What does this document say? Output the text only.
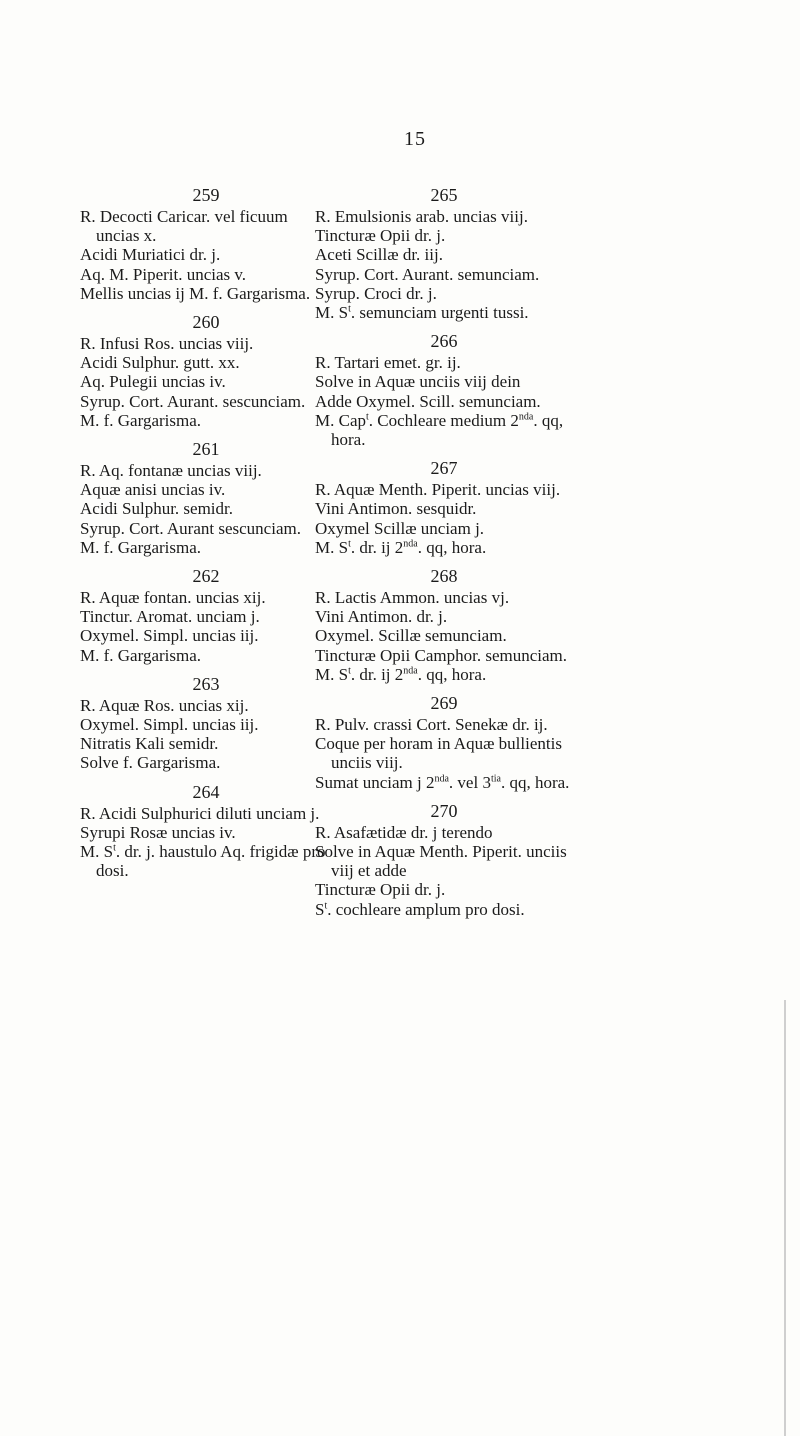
15
259
R. Decocti Caricar. vel ficuum uncias x.
Acidi Muriatici dr. j.
Aq. M. Piperit. uncias v.
Mellis uncias ij M. f. Gargarisma.
260
R. Infusi Ros. uncias viij.
Acidi Sulphur. gutt. xx.
Aq. Pulegii uncias iv.
Syrup. Cort. Aurant. sescunciam.
M. f. Gargarisma.
261
R. Aq. fontanæ uncias viij.
Aquæ anisi uncias iv.
Acidi Sulphur. semidr.
Syrup. Cort. Aurant sescunciam.
M. f. Gargarisma.
262
R. Aquæ fontan. uncias xij.
Tinctur. Aromat. unciam j.
Oxymel. Simpl. uncias iij.
M. f. Gargarisma.
263
R. Aquæ Ros. uncias xij.
Oxymel. Simpl. uncias iij.
Nitratis Kali semidr.
Solve f. Gargarisma.
264
R. Acidi Sulphurici diluti unciam j.
Syrupi Rosæ uncias iv.
M. $S^t$. dr. j. haustulo Aq. frigidæ pro dosi.
265
R. Emulsionis arab. uncias viij.
Tincturæ Opii dr. j.
Aceti Scillæ dr. iij.
Syrup. Cort. Aurant. semunciam.
Syrup. Croci dr. j.
M. $S^t$. semunciam urgenti tussi.
266
R. Tartari emet. gr. ij.
Solve in Aquæ unciis viij dein
Adde Oxymel. Scill. semunciam.
M. Cap$^t$. Cochleare medium $2^{nda}$. qq, hora.
267
R. Aquæ Menth. Piperit. uncias viij.
Vini Antimon. sesquidr.
Oxymel Scillæ unciam j.
M. $S^t$. dr. ij $2^{nda}$. qq, hora.
268
R. Lactis Ammon. uncias vj.
Vini Antimon. dr. j.
Oxymel. Scillæ semunciam.
Tincturæ Opii Camphor. semunciam.
M. $S^t$. dr. ij $2^{nda}$. qq, hora.
269
R. Pulv. crassi Cort. Senekæ dr. ij.
Coque per horam in Aquæ bullientis unciis viij.
Sumat unciam j $2^{nda}$. vel $3^{tia}$. qq, hora.
270
R. Asafætidæ dr. j terendo
Solve in Aquæ Menth. Piperit. unciis viij et adde
Tincturæ Opii dr. j.
$S^t$. cochleare amplum pro dosi.
